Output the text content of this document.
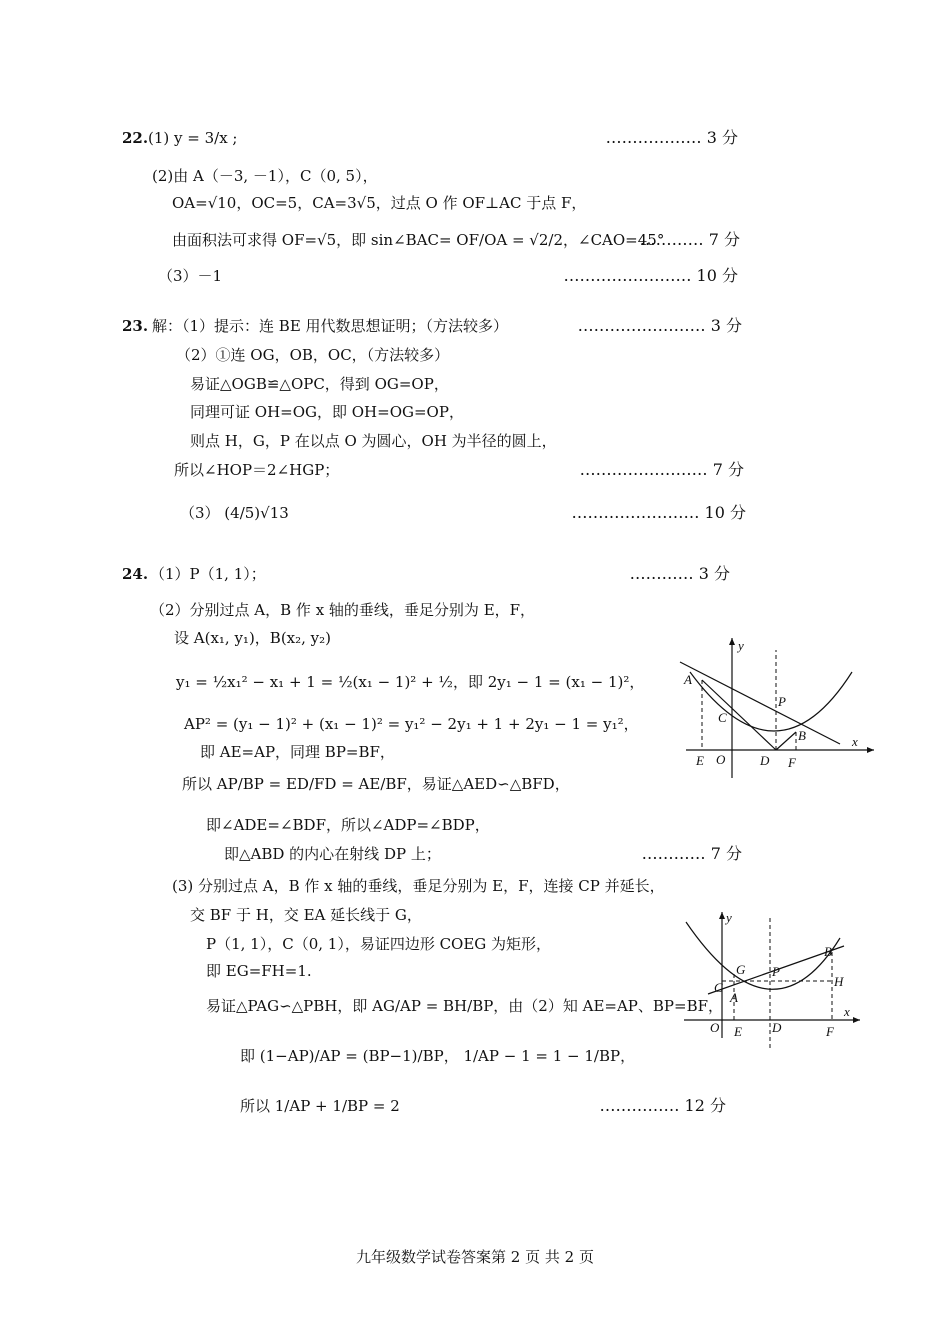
22. (1) y = 3/x ;	……………… 3 分
(2)由 A（－3, －1），C（0, 5），
OA=√10，OC=5，CA=3√5，过点 O 作 OF⊥AC 于点 F，
由面积法可求得 OF=√5，即 sin∠BAC= OF/OA = √2/2，∠CAO=45°
………… 7 分
（3）－1	…………………… 10 分
23. 解：（1）提示：连 BE 用代数思想证明；（方法较多）	…………………… 3 分
（2）①连 OG，OB，OC，（方法较多）
易证△OGB≌△OPC，得到 OG=OP，
同理可证 OH=OG，即 OH=OG=OP，
则点 H，G，P 在以点 O 为圆心，OH 为半径的圆上，
所以∠HOP＝2∠HGP；	…………………… 7 分
（3） (4/5)√13	…………………… 10 分
24. （1）P（1, 1）；	………… 3 分
（2）分别过点 A，B 作 x 轴的垂线，垂足分别为 E，F，
设 A(x₁, y₁)，B(x₂, y₂)
y₁ = ½x₁² − x₁ + 1 = ½(x₁ − 1)² + ½，即 2y₁ − 1 = (x₁ − 1)²，
AP² = (y₁ − 1)² + (x₁ − 1)² = y₁² − 2y₁ + 1 + 2y₁ − 1 = y₁²，
即 AE=AP，同理 BP=BF，
所以 AP/BP = ED/FD = AE/BF，易证△AED∽△BFD，
即∠ADE=∠BDF，所以∠ADP=∠BDP，
即△ABD 的内心在射线 DP 上；	………… 7 分
(3) 分别过点 A，B 作 x 轴的垂线，垂足分别为 E，F，连接 CP 并延长，
交 BF 于 H，交 EA 延长线于 G，
P（1, 1），C（0, 1），易证四边形 COEG 为矩形，
即 EG=FH=1.
易证△PAG∽△PBH，即 AG/AP = BH/BP，由（2）知 AE=AP、BP=BF，
即 (1−AP)/AP = (BP−1)/BP， 1/AP − 1 = 1 − 1/BP，
所以 1/AP + 1/BP = 2	…………… 12 分
y
x
A
C
P
B
E O	D F
y
x
B
H
G P
C
A
O E D	F
九年级数学试卷答案第 2 页 共 2 页
